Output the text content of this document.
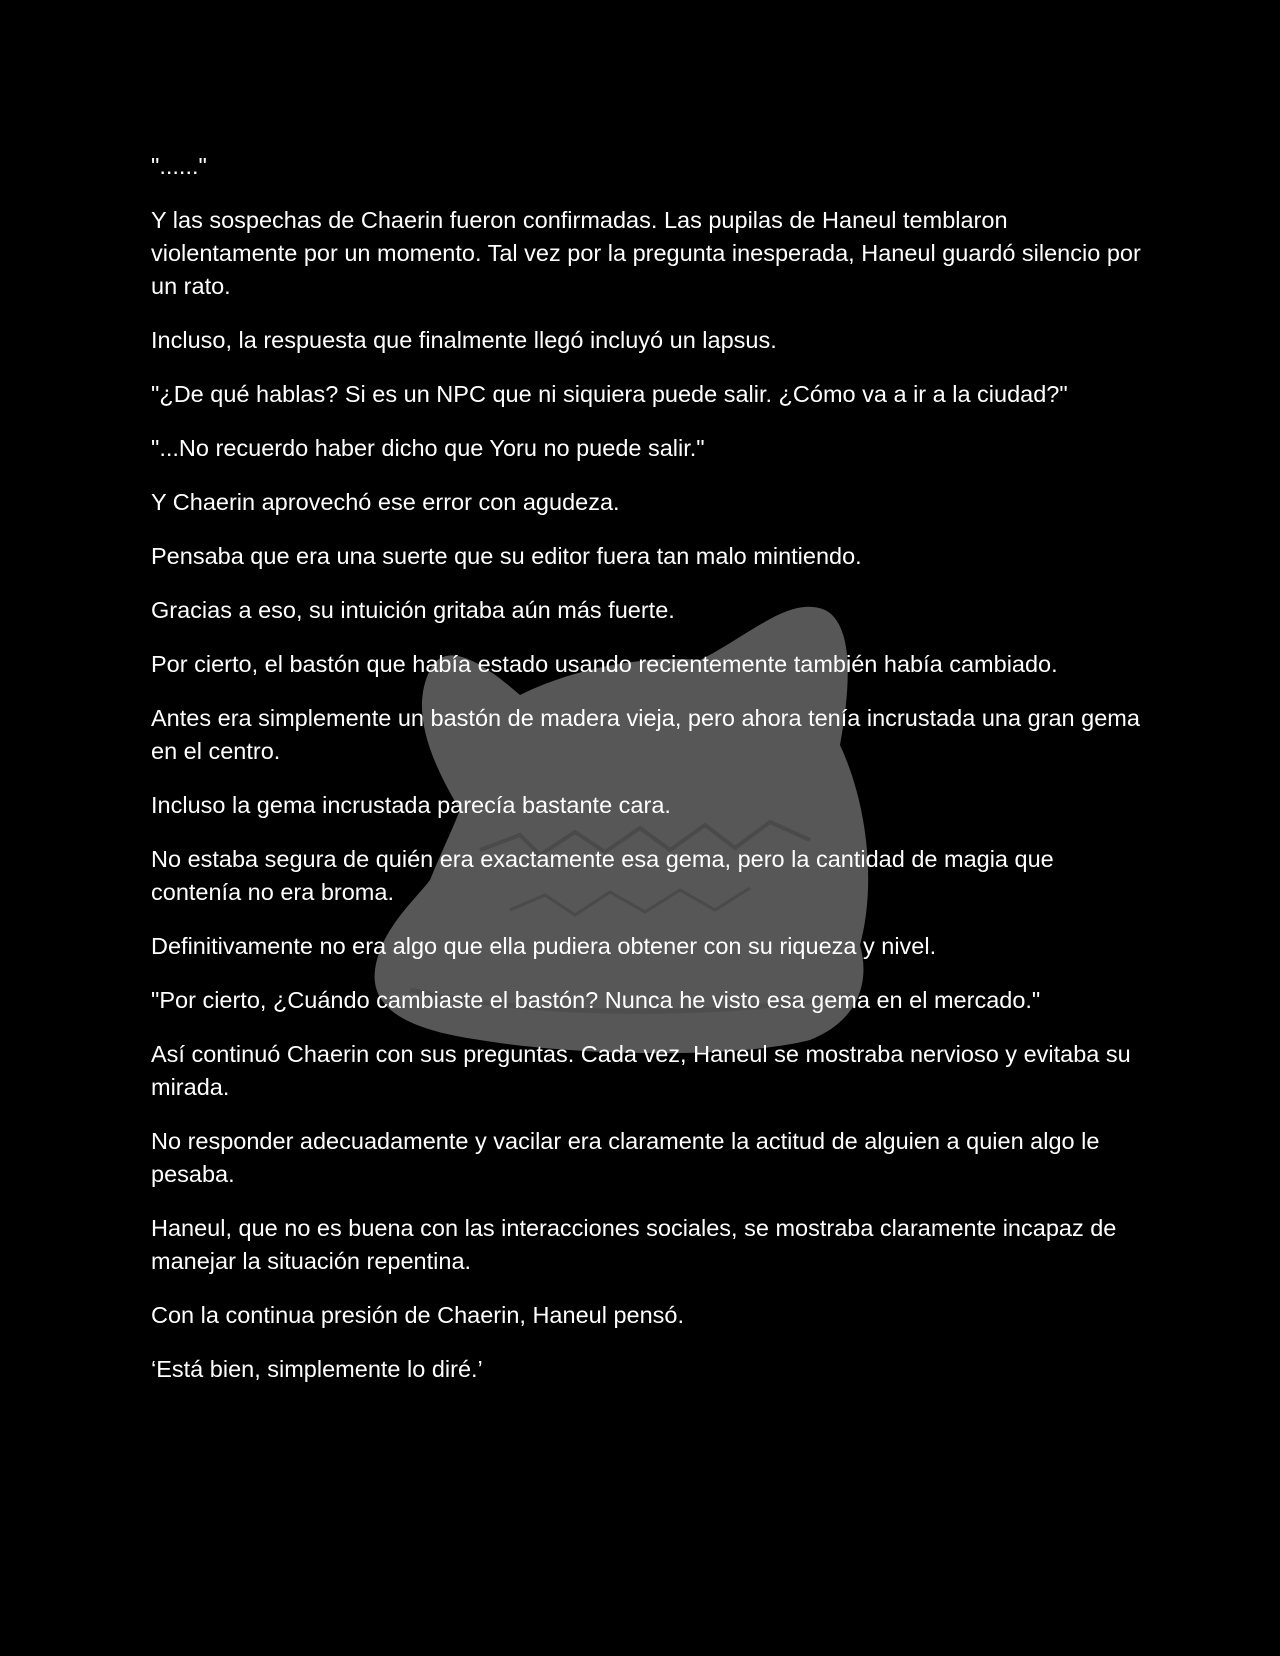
"......"

Y las sospechas de Chaerin fueron confirmadas. Las pupilas de Haneul temblaron violentamente por un momento. Tal vez por la pregunta inesperada, Haneul guardó silencio por un rato.

Incluso, la respuesta que finalmente llegó incluyó un lapsus.

"¿De qué hablas? Si es un NPC que ni siquiera puede salir. ¿Cómo va a ir a la ciudad?"

"...No recuerdo haber dicho que Yoru no puede salir."

Y Chaerin aprovechó ese error con agudeza.

Pensaba que era una suerte que su editor fuera tan malo mintiendo.

Gracias a eso, su intuición gritaba aún más fuerte.

Por cierto, el bastón que había estado usando recientemente también había cambiado.

Antes era simplemente un bastón de madera vieja, pero ahora tenía incrustada una gran gema en el centro.

Incluso la gema incrustada parecía bastante cara.

No estaba segura de quién era exactamente esa gema, pero la cantidad de magia que contenía no era broma.

Definitivamente no era algo que ella pudiera obtener con su riqueza y nivel.

"Por cierto, ¿Cuándo cambiaste el bastón? Nunca he visto esa gema en el mercado."

Así continuó Chaerin con sus preguntas. Cada vez, Haneul se mostraba nervioso y evitaba su mirada.

No responder adecuadamente y vacilar era claramente la actitud de alguien a quien algo le pesaba.

Haneul, que no es buena con las interacciones sociales, se mostraba claramente incapaz de manejar la situación repentina.

Con la continua presión de Chaerin, Haneul pensó.

‘Está bien, simplemente lo diré.’
